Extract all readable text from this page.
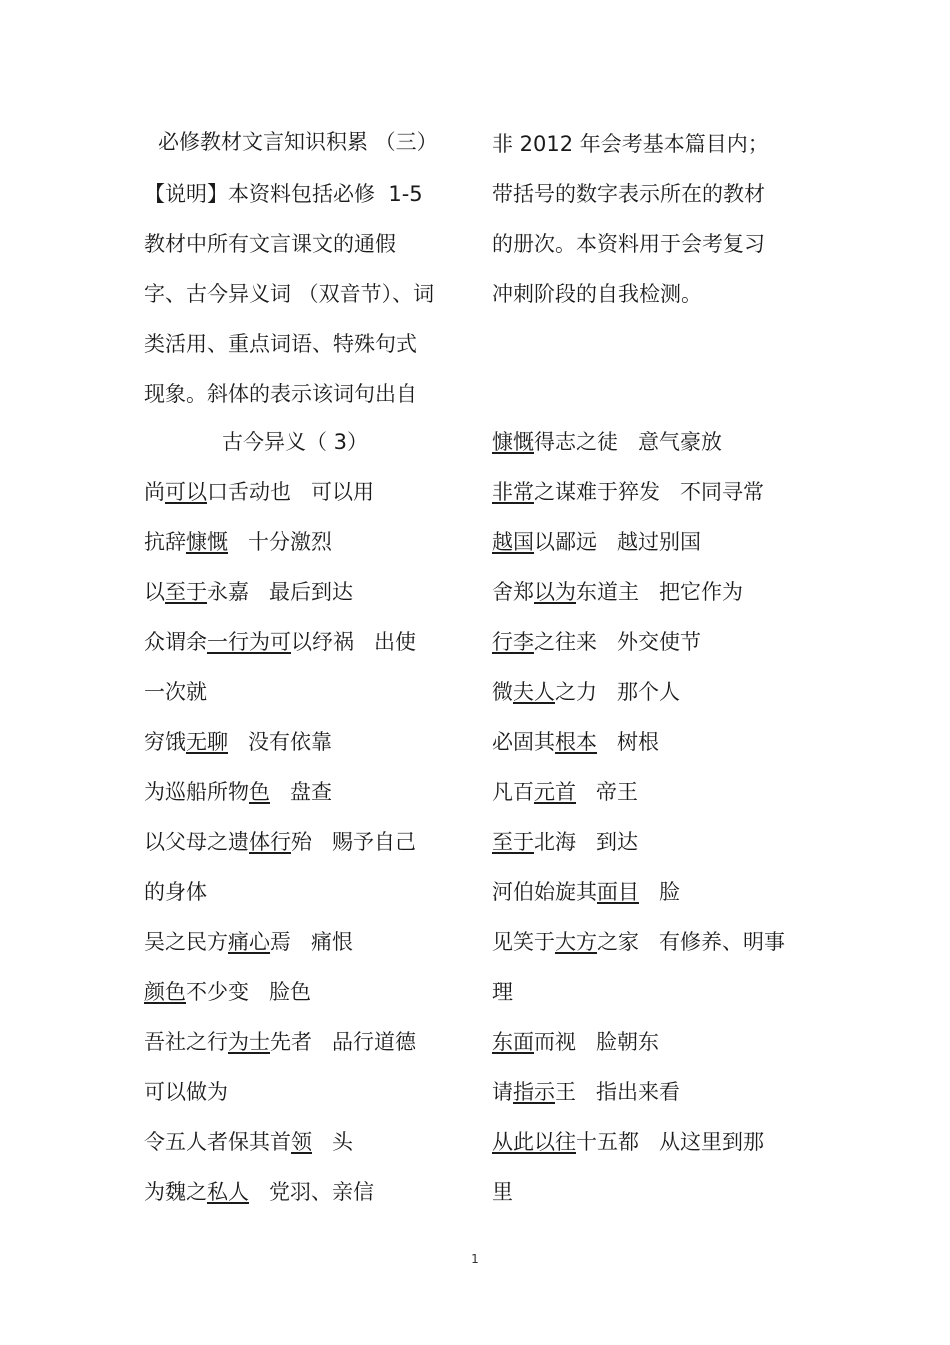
必修教材文言知识积累 （三）
【说明】本资料包括必修  1-5
教材中所有文言课文的通假
字、古今异义词 （双音节）、词
类活用、重点词语、特殊句式
现象。斜体的表示该词句出自
非 2012 年会考基本篇目内；
带括号的数字表示所在的教材
的册次。本资料用于会考复习
冲刺阶段的自我检测。
古今异义（ 3）
尚可以口舌动也 可以用
抗辞慷慨 十分激烈
以至于永嘉 最后到达
众谓余一行为可以纾祸 出使
一次就
穷饿无聊 没有依靠
为巡船所物色 盘查
以父母之遗体行殆 赐予自己
的身体
吴之民方痛心焉 痛恨
颜色不少变 脸色
吾社之行为士先者 品行道德
可以做为
令五人者保其首领 头
为魏之私人 党羽、亲信
慷慨得志之徒 意气豪放
非常之谋难于猝发 不同寻常
越国以鄙远 越过别国
舍郑以为东道主 把它作为
行李之往来 外交使节
微夫人之力 那个人
必固其根本 树根
凡百元首 帝王
至于北海 到达
河伯始旋其面目 脸
见笑于大方之家 有修养、明事
理
东面而视 脸朝东
请指示王 指出来看
从此以往十五都 从这里到那
里
1
